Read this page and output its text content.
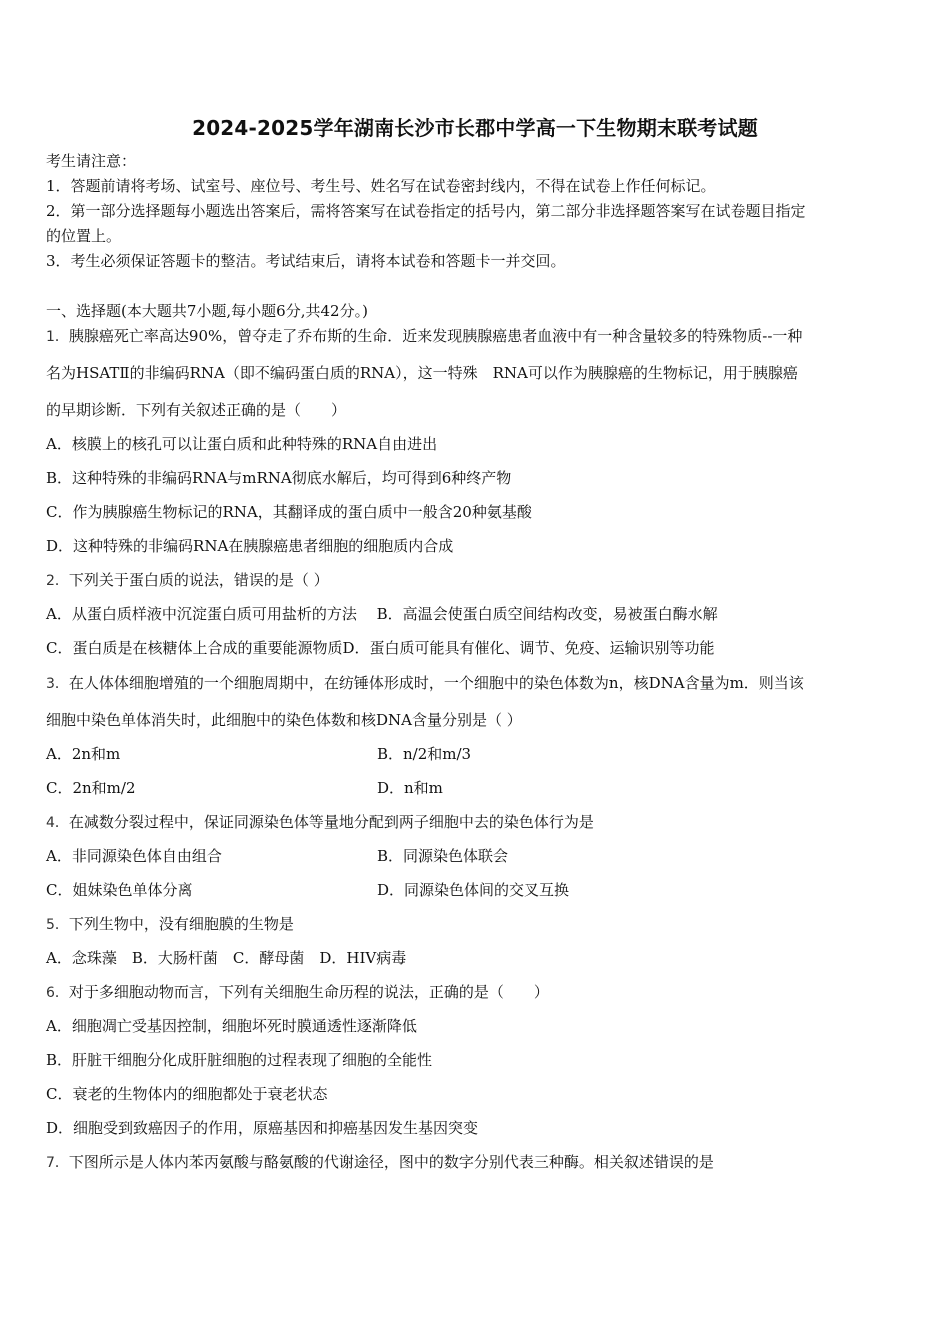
2024-2025学年湖南长沙市长郡中学高一下生物期末联考试题
考生请注意：
1．答题前请将考场、试室号、座位号、考生号、姓名写在试卷密封线内，不得在试卷上作任何标记。
2．第一部分选择题每小题选出答案后，需将答案写在试卷指定的括号内，第二部分非选择题答案写在试卷题目指定
的位置上。
3．考生必须保证答题卡的整洁。考试结束后，请将本试卷和答题卡一并交回。
一、选择题(本大题共7小题,每小题6分,共42分。)
1．胰腺癌死亡率高达90%，曾夺走了乔布斯的生命．近来发现胰腺癌患者血液中有一种含量较多的特殊物质--一种
名为HSATⅡ的非编码RNA（即不编码蛋白质的RNA），这一特殊　RNA可以作为胰腺癌的生物标记，用于胰腺癌
的早期诊断．下列有关叙述正确的是（　　）
A．核膜上的核孔可以让蛋白质和此种特殊的RNA自由进出
B．这种特殊的非编码RNA与mRNA彻底水解后，均可得到6种终产物
C．作为胰腺癌生物标记的RNA，其翻译成的蛋白质中一般含20种氨基酸
D．这种特殊的非编码RNA在胰腺癌患者细胞的细胞质内合成
2．下列关于蛋白质的说法，错误的是（ ）
A．从蛋白质样液中沉淀蛋白质可用盐析的方法　 B．高温会使蛋白质空间结构改变，易被蛋白酶水解
C．蛋白质是在核糖体上合成的重要能源物质D．蛋白质可能具有催化、调节、免疫、运输识别等功能
3．在人体体细胞增殖的一个细胞周期中，在纺锤体形成时，一个细胞中的染色体数为n，核DNA含量为m．则当该
细胞中染色单体消失时，此细胞中的染色体数和核DNA含量分别是（ ）
A．2n和m	B．n/2和m/3
C．2n和m/2	D．n和m
4．在减数分裂过程中，保证同源染色体等量地分配到两子细胞中去的染色体行为是
A．非同源染色体自由组合	B．同源染色体联会
C．姐妹染色单体分离	D．同源染色体间的交叉互换
5．下列生物中，没有细胞膜的生物是
A．念珠藻　B．大肠杆菌　C．酵母菌　D．HIV病毒
6．对于多细胞动物而言，下列有关细胞生命历程的说法，正确的是（　　）
A．细胞凋亡受基因控制，细胞坏死时膜通透性逐渐降低
B．肝脏干细胞分化成肝脏细胞的过程表现了细胞的全能性
C．衰老的生物体内的细胞都处于衰老状态
D．细胞受到致癌因子的作用，原癌基因和抑癌基因发生基因突变
7．下图所示是人体内苯丙氨酸与酪氨酸的代谢途径，图中的数字分别代表三种酶。相关叙述错误的是
